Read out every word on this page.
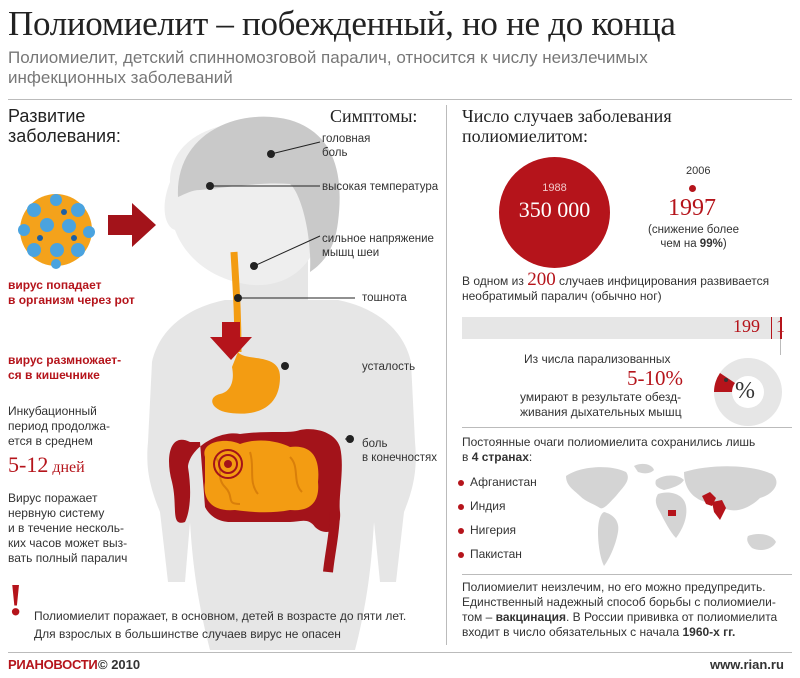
Полиомиелит – побежденный, но не до конца
Полиомиелит, детский спинномозговой паралич, относится к числу неизлечимых инфекционных заболеваний
Развитие
заболевания:
вирус попадает
в организм через рот
вирус размножает-
ся в кишечнике
Инкубационный
период продолжа-
ется в среднем
5-12 дней
Вирус поражает
нервную систему
и в течение несколь-
ких часов может выз-
вать полный паралич
Симптомы:
головная
боль
высокая температура
сильное напряжение
мышц шеи
тошнота
усталость
боль
в конечностях
Число случаев заболевания
полиомиелитом:
1988
350 000
2006
1997
(снижение более
чем на 99%)
В одном из 200 случаев инфицирования развивается
необратимый паралич (обычно ног)
199 1
Из числа парализованных
5-10%
умирают в результате обезд-
живания дыхательных мышц
%
Постоянные очаги полиомиелита сохранились лишь
в 4 странах:
Афганистан
Индия
Нигерия
Пакистан
Полиомиелит неизлечим, но его можно предупредить.
Единственный надежный способ борьбы с полиомиели-
том – вакцинация. В России прививка от полиомиелита
входит в число обязательных с начала 1960-х гг.
! Полиомиелит поражает, в основном, детей в возрасте до пяти лет.
Для взрослых в большинстве случаев вирус не опасен
РИАНОВОСТИ © 2010	www.rian.ru
